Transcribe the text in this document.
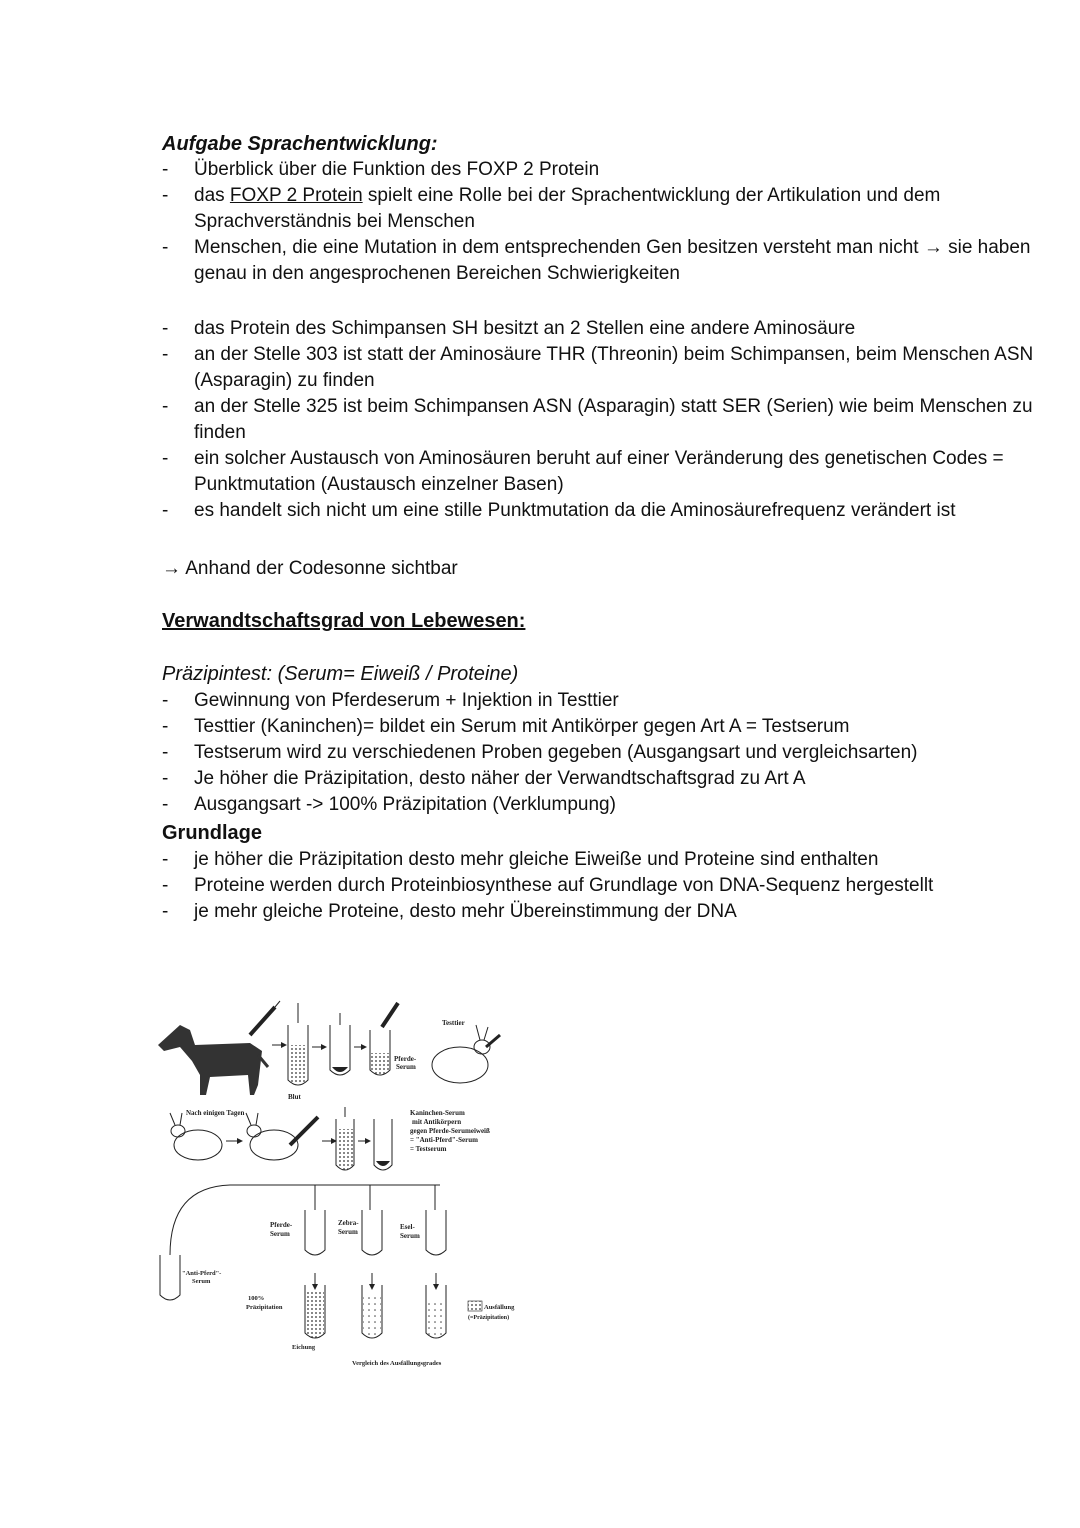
Aufgabe Sprachentwicklung:
- Überblick über die Funktion des FOXP 2 Protein
- das FOXP 2 Protein spielt eine Rolle bei der Sprachentwicklung der Artikulation und dem Sprachverständnis bei Menschen
- Menschen, die eine Mutation in dem entsprechenden Gen besitzen versteht man nicht → sie haben genau in den angesprochenen Bereichen Schwierigkeiten
- das Protein des Schimpansen SH besitzt an 2 Stellen eine andere Aminosäure
- an der Stelle 303 ist statt der Aminosäure THR (Threonin) beim Schimpansen, beim Menschen ASN (Asparagin) zu finden
- an der Stelle 325 ist beim Schimpansen ASN (Asparagin) statt SER (Serien) wie beim Menschen zu finden
- ein solcher Austausch von Aminosäuren beruht auf einer Veränderung des genetischen Codes = Punktmutation (Austausch einzelner Basen)
- es handelt sich nicht um eine stille Punktmutation da die Aminosäurefrequenz verändert ist
→ Anhand der Codesonne sichtbar
Verwandtschaftsgrad von Lebewesen:
Präzipintest: (Serum= Eiweiß / Proteine)
- Gewinnung von Pferdeserum + Injektion in Testtier
- Testtier (Kaninchen)= bildet ein Serum mit Antikörper gegen Art A = Testserum
- Testserum wird zu verschiedenen Proben gegeben (Ausgangsart und vergleichsarten)
- Je höher die Präzipitation, desto näher der Verwandtschaftsgrad zu Art A
- Ausgangsart -> 100% Präzipitation (Verklumpung)
Grundlage
- je höher die Präzipitation desto mehr gleiche Eiweiße und Proteine sind enthalten
- Proteine werden durch Proteinbiosynthese auf Grundlage von DNA-Sequenz hergestellt
- je mehr gleiche Proteine, desto mehr Übereinstimmung der DNA
Blut
Pferde-
Serum
Testtier
Nach einigen Tagen	Kaninchen-Serum
mit Antikörpern
gegen Pferde-Serumeiweiß
= "Anti-Pferd"-Serum
= Testserum
"Anti-Pferd"-
Serum
Pferde-
Serum
Zebra-
Serum
Esel-
Serum
100%
Präzipitation
Eichung
Vergleich des Ausfällungsgrades
Ausfällung
(=Präzipitation)
